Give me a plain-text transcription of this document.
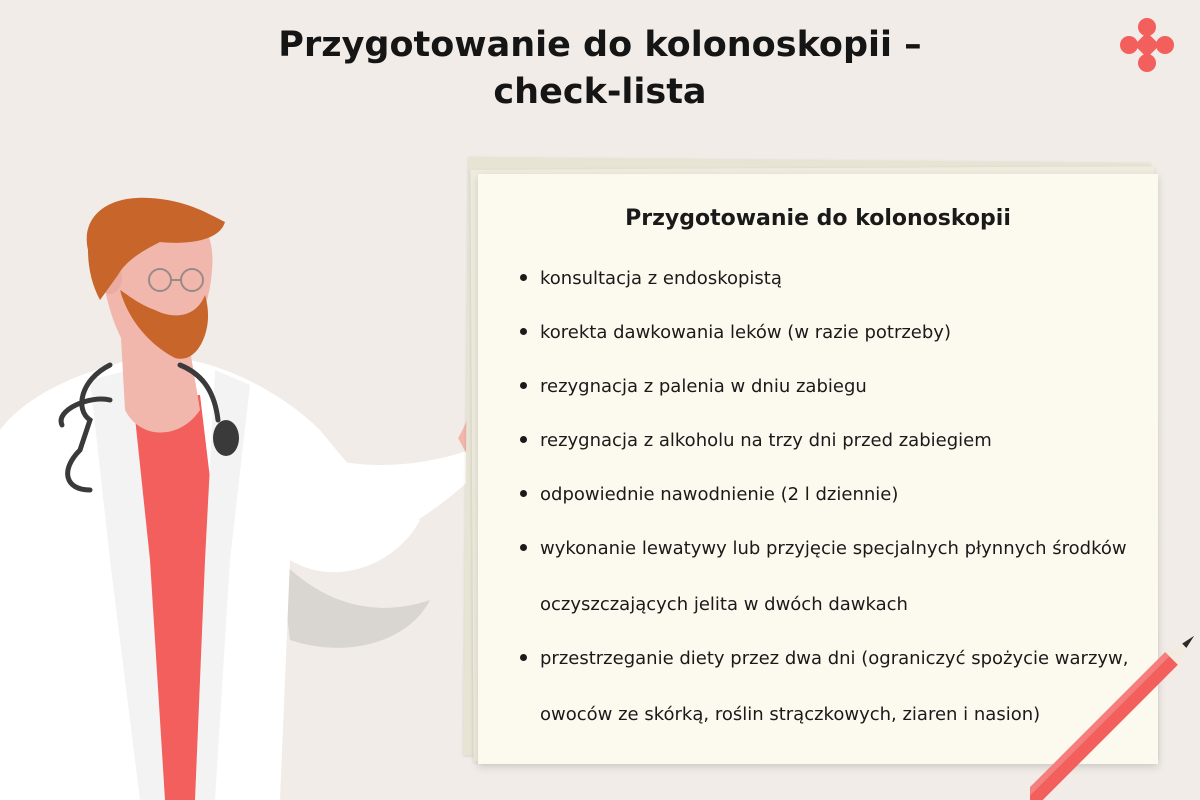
Przygotowanie do kolonoskopii –
check-lista
Przygotowanie do kolonoskopii
konsultacja z endoskopistą
korekta dawkowania leków (w razie potrzeby)
rezygnacja z palenia w dniu zabiegu
rezygnacja z alkoholu na trzy dni przed zabiegiem
odpowiednie nawodnienie (2 l dziennie)
wykonanie lewatywy lub przyjęcie specjalnych płynnych środków
oczyszczających jelita w dwóch dawkach
przestrzeganie diety przez dwa dni (ograniczyć spożycie warzyw,
owoców ze skórką, roślin strączkowych, ziaren i nasion)
